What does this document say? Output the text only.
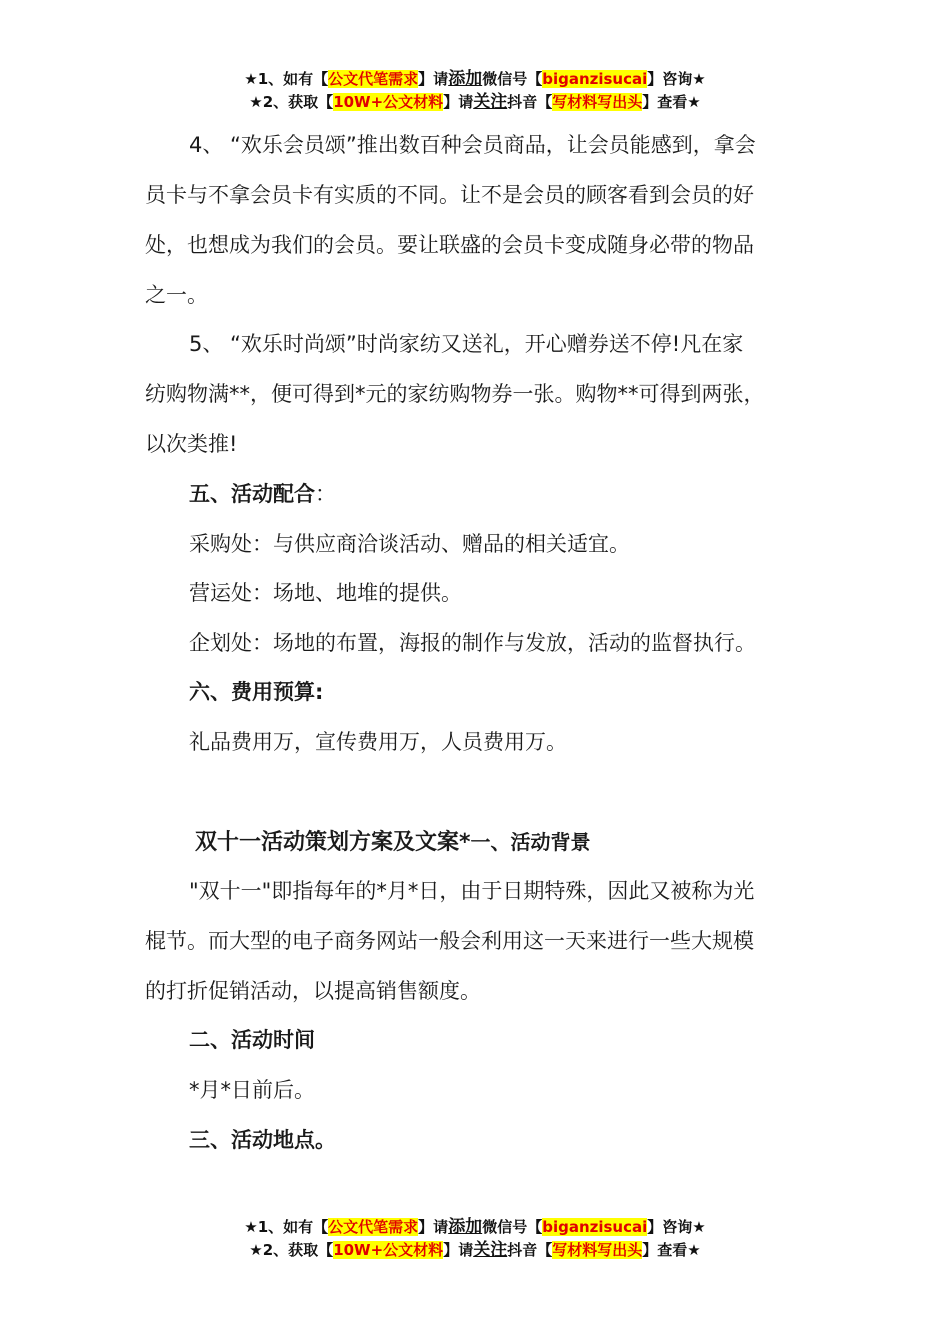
★1、如有【公文代笔需求】请添加微信号【biganzisucai】咨询★
★2、获取【10W+公文材料】请关注抖音【写材料写出头】查看★
4、 “欢乐会员颂”推出数百种会员商品，让会员能感到，拿会
员卡与不拿会员卡有实质的不同。让不是会员的顾客看到会员的好
处，也想成为我们的会员。要让联盛的会员卡变成随身必带的物品
之一。
5、 “欢乐时尚颂”时尚家纺又送礼，开心赠券送不停!凡在家
纺购物满**，便可得到*元的家纺购物券一张。购物**可得到两张，
以次类推!
五、活动配合：
采购处：与供应商洽谈活动、赠品的相关适宜。
营运处：场地、地堆的提供。
企划处：场地的布置，海报的制作与发放，活动的监督执行。
六、费用预算:
礼品费用万，宣传费用万，人员费用万。
双十一活动策划方案及文案*一、活动背景
"双十一"即指每年的*月*日，由于日期特殊，因此又被称为光
棍节。而大型的电子商务网站一般会利用这一天来进行一些大规模
的打折促销活动，以提高销售额度。
二、活动时间
*月*日前后。
三、活动地点。
★1、如有【公文代笔需求】请添加微信号【biganzisucai】咨询★
★2、获取【10W+公文材料】请关注抖音【写材料写出头】查看★
